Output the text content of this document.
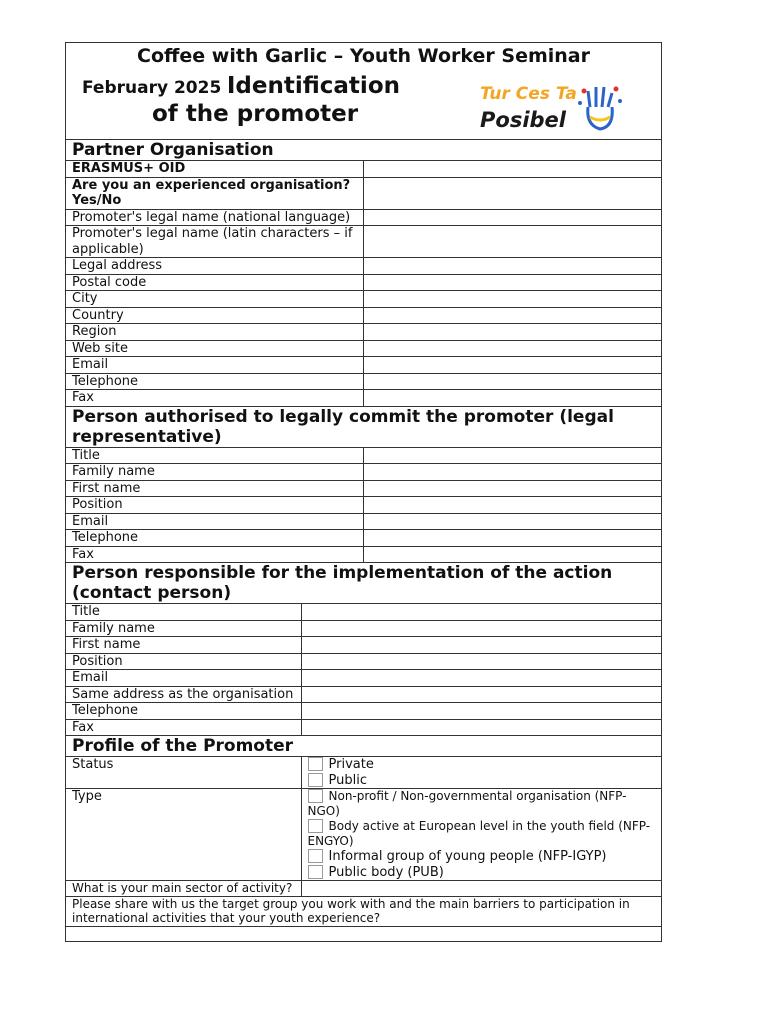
Coffee with Garlic – Youth Worker Seminar
February 2025 Identification
of the promoter
Tur Ces Ta
Posibel
Partner Organisation
ERASMUS+ OID	
Are you an experienced organisation? Yes/No	
Promoter's legal name (national language)	
Promoter's legal name (latin characters – if applicable)	
Legal address	
Postal code	
City	
Country	
Region	
Web site	
Email	
Telephone	
Fax	
Person authorised to legally commit the promoter (legal representative)
Title	
Family name	
First name	
Position	
Email	
Telephone	
Fax	
Person responsible for the implementation of the action (contact person)
Title	
Family name	
First name	
Position	
Email	
Same address as the organisation	
Telephone	
Fax	
Profile of the Promoter
Status	Private
Public

Type	Non-profit / Non-governmental organisation (NFP-NGO)
Body active at European level in the youth field (NFP-ENGYO)
Informal group of young people (NFP-IGYP)
Public body (PUB)

What is your main sector of activity?	
Please share with us the target group you work with and the main barriers to participation in international activities that your youth experience?	
